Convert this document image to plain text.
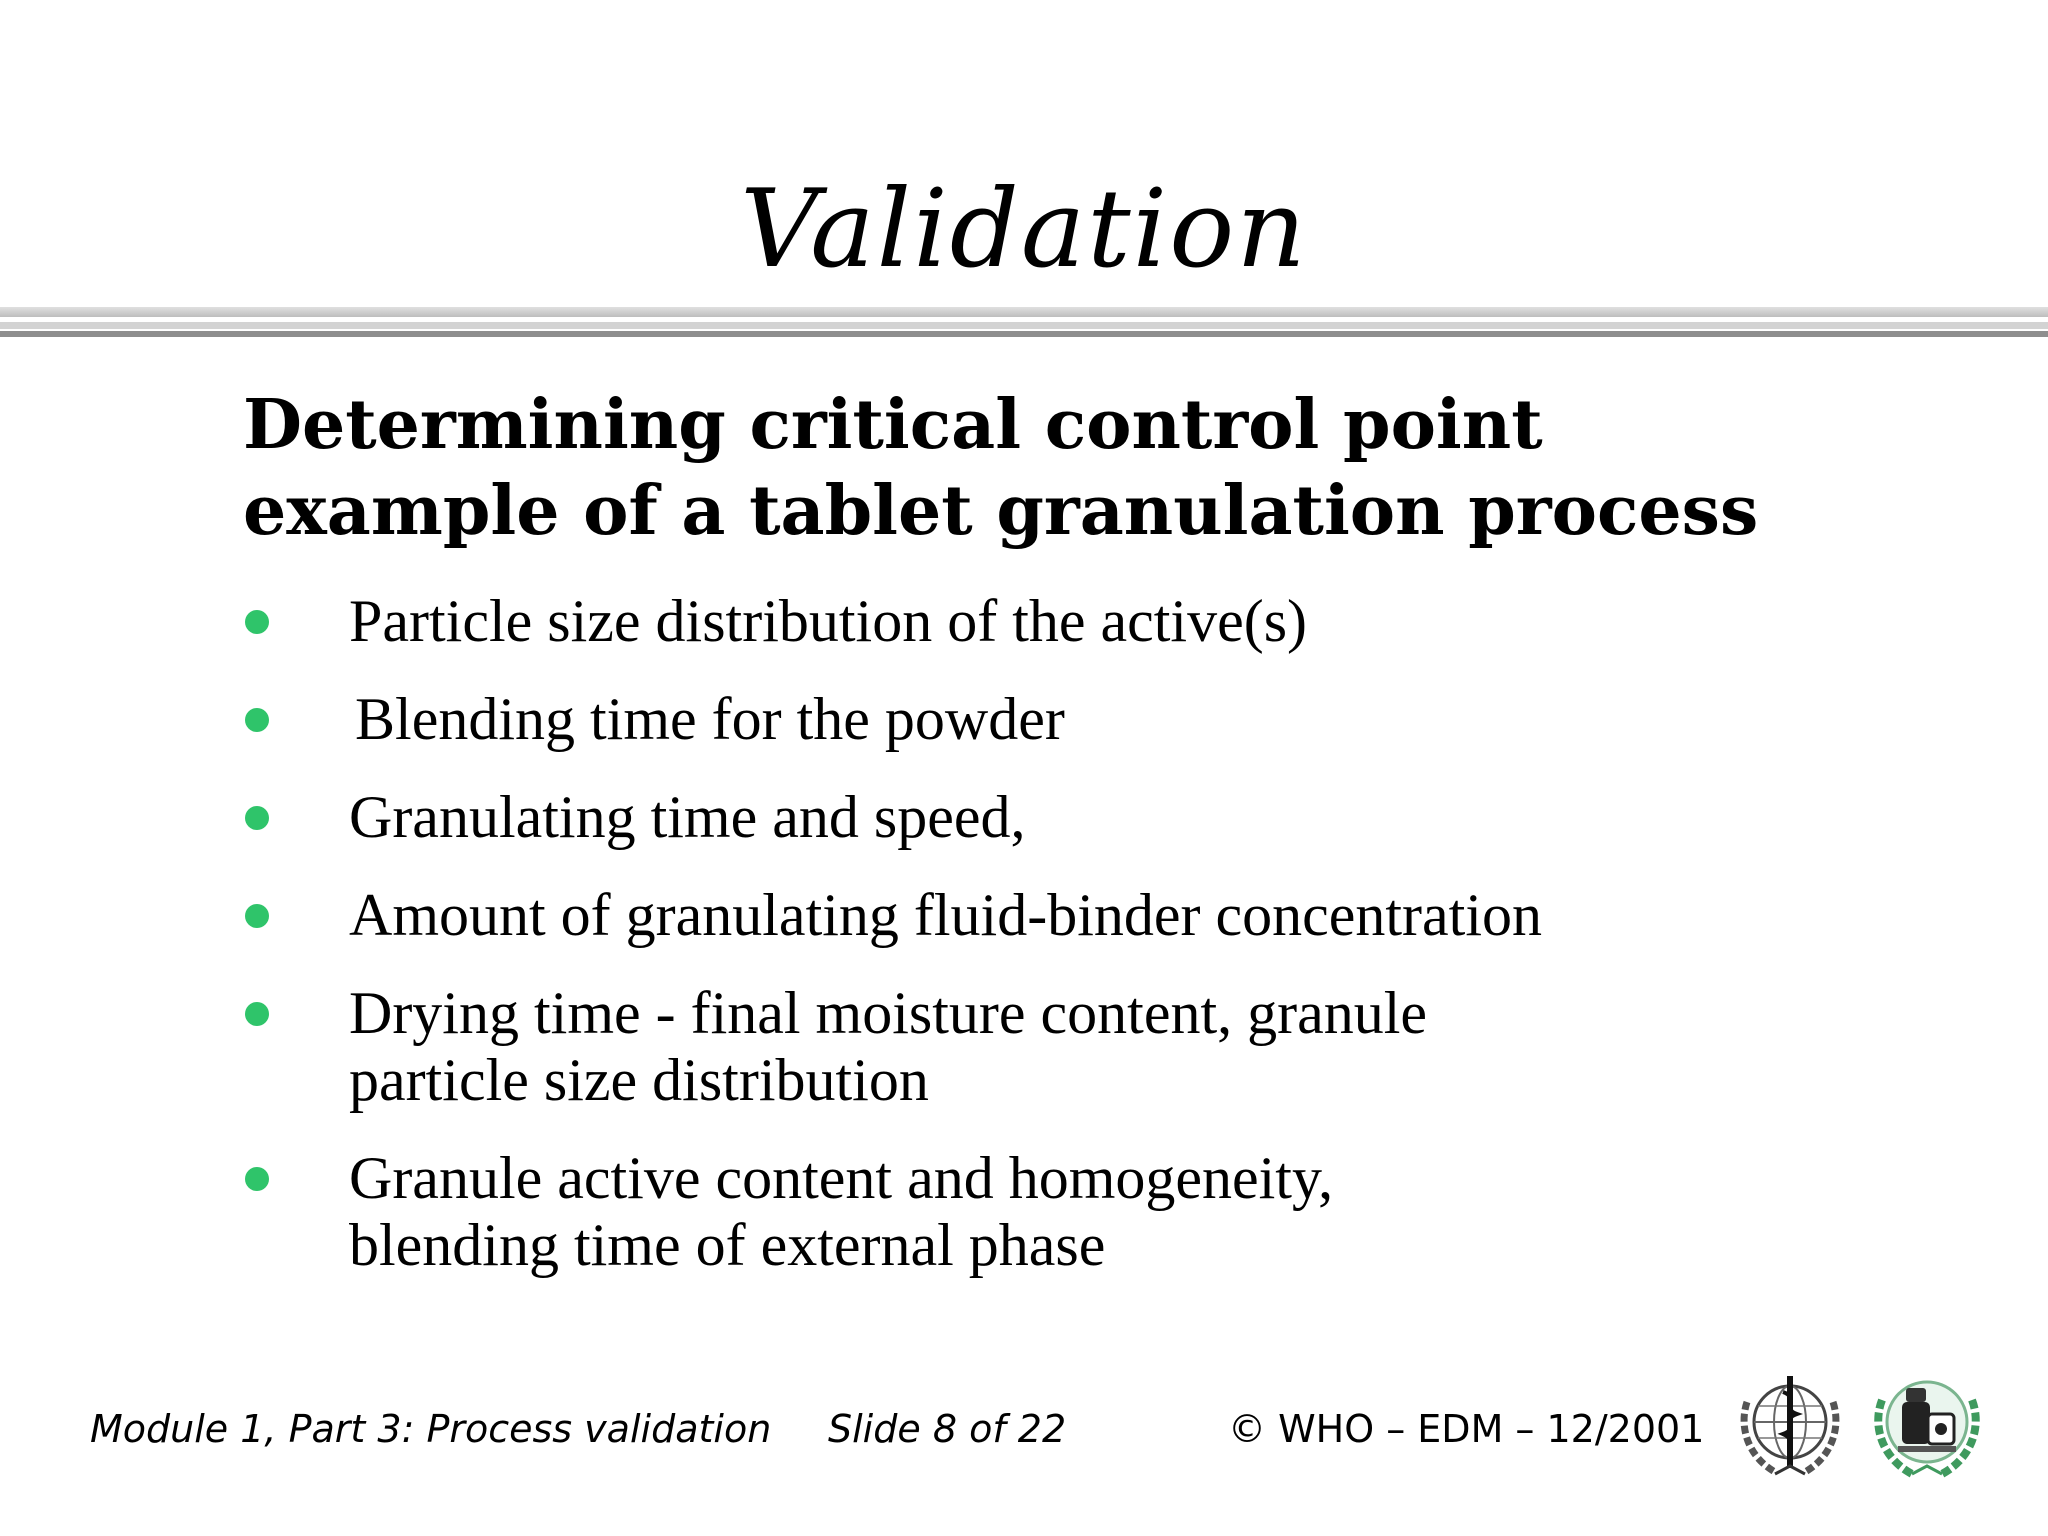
Validation
Determining critical control point
example of a tablet granulation process
Particle size distribution of the active(s)
Blending time for the powder
Granulating time and speed,
Amount of granulating fluid-binder concentration
Drying time - final moisture content, granule
particle size distribution
Granule active content and homogeneity,
blending time of external phase
Module 1, Part 3: Process validation Slide 8 of 22	© WHO – EDM – 12/2001
